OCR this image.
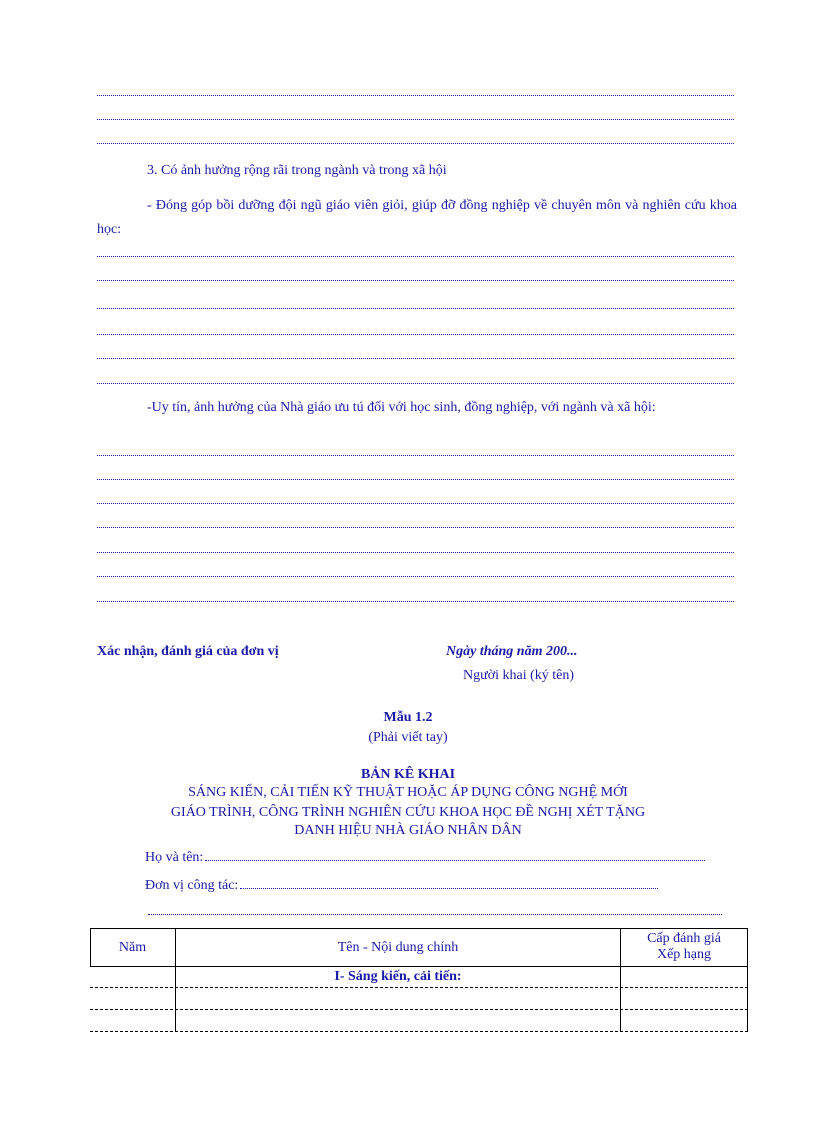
3. Có ảnh hưởng rộng rãi trong ngành và trong xã hội
- Đóng góp bồi dưỡng đội ngũ giáo viên giỏi, giúp đỡ đồng nghiệp về chuyên môn và nghiên cứu khoa học:
-Uy tín, ảnh hưởng của Nhà giáo ưu tú đối với học sinh, đồng nghiệp, với ngành và xã hội:
Xác nhận, đánh giá của đơn vị	Ngày tháng năm 200...
Người khai (ký tên)
Mẫu 1.2
(Phải viết tay)
BẢN KÊ KHAI
SÁNG KIẾN, CẢI TIẾN KỸ THUẬT HOẶC ÁP DỤNG CÔNG NGHỆ MỚI
GIÁO TRÌNH, CÔNG TRÌNH NGHIÊN CỨU KHOA HỌC ĐỀ NGHỊ XÉT TẶNG
DANH HIỆU NHÀ GIÁO NHÂN DÂN
Họ và tên:
Đơn vị công tác:
Năm	Tên - Nội dung chính
Cấp đánh giá
Xếp hạng
I- Sáng kiến, cải tiến:
